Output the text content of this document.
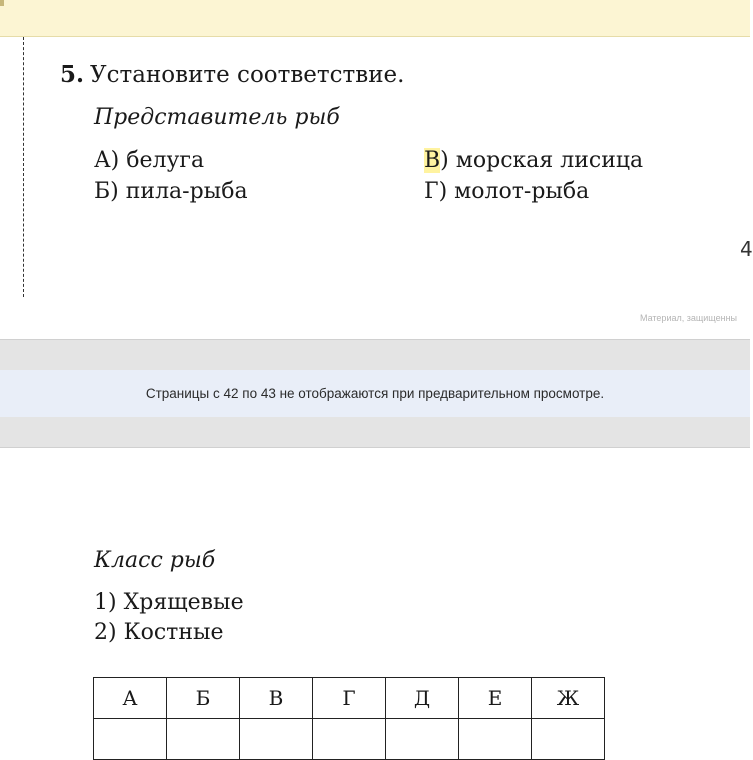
5. Установите соответствие.
Представитель рыб
А) белуга	В) морская лисица
Б) пила-рыба	Г) молот-рыба
4
Материал, защищенны
Страницы с 42 по 43 не отображаются при предварительном просмотре.
Класс рыб
1) Хрящевые
2) Костные
А	Б	В	Г	Д	Е	Ж
